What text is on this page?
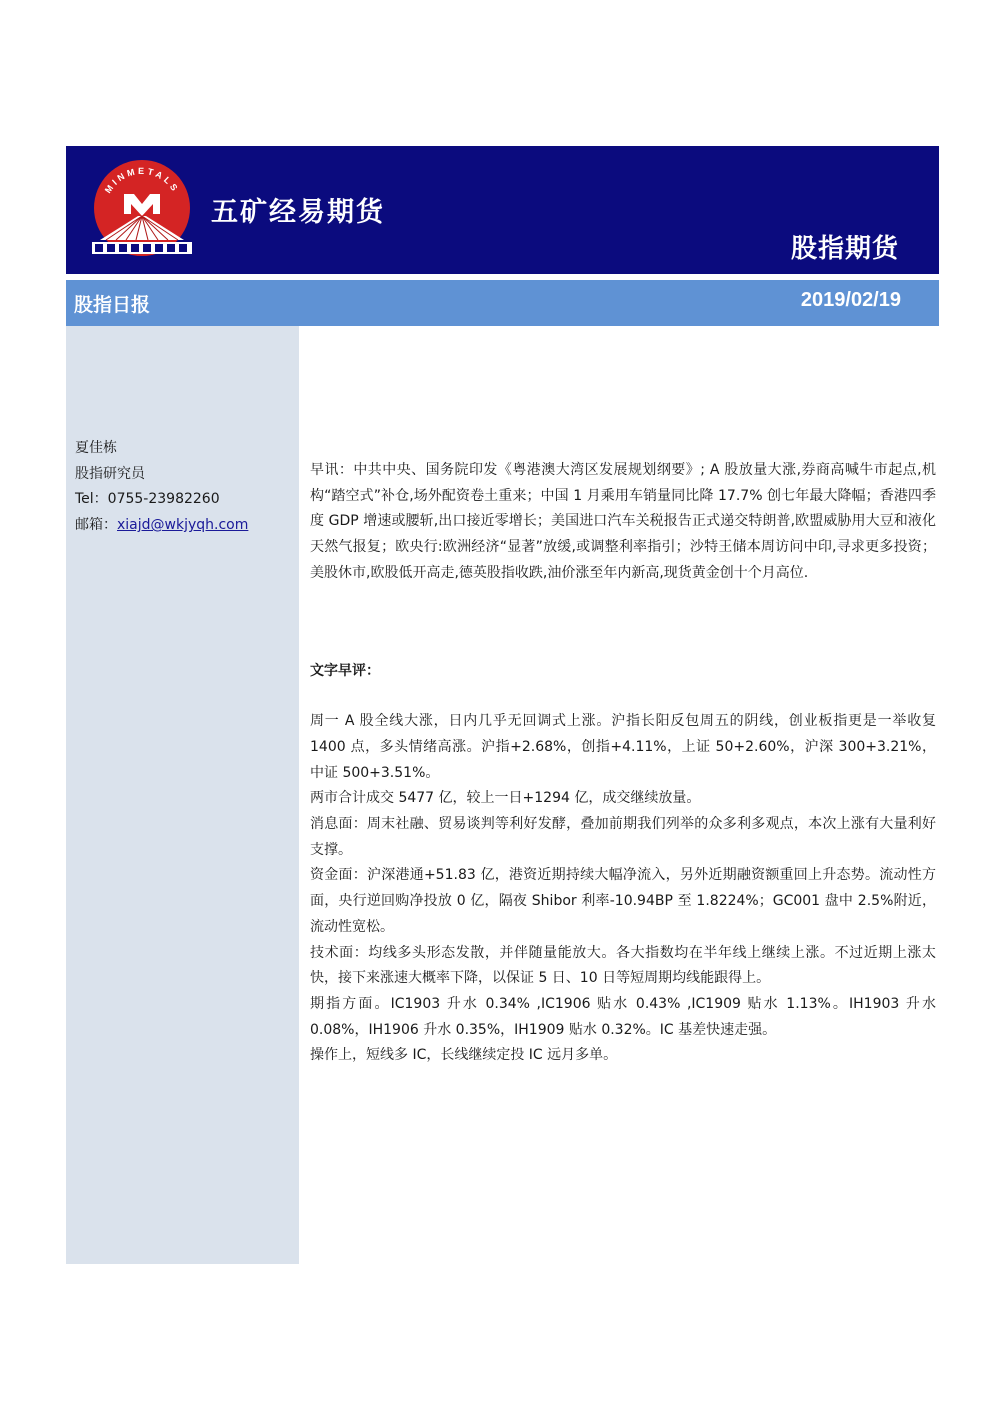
MINMETALS
五矿经易期货
股指期货
股指日报	2019/02/19
夏佳栋
股指研究员
Tel：0755-23982260
邮箱：xiajd@wkjyqh.com

早讯：中共中央、国务院印发《粤港澳大湾区发展规划纲要》; A 股放量大涨,券商高喊牛市起点,机构“踏空式”补仓,场外配资卷土重来；中国 1 月乘用车销量同比降 17.7% 创七年最大降幅；香港四季度 GDP 增速或腰斩,出口接近零增长；美国进口汽车关税报告正式递交特朗普,欧盟威胁用大豆和液化天然气报复；欧央行:欧洲经济“显著”放缓,或调整利率指引；沙特王储本周访问中印,寻求更多投资；美股休市,欧股低开高走,德英股指收跌,油价涨至年内新高,现货黄金创十个月高位.

文字早评：

周一 A 股全线大涨，日内几乎无回调式上涨。沪指长阳反包周五的阴线，创业板指更是一举收复 1400 点，多头情绪高涨。沪指+2.68%，创指+4.11%，上证 50+2.60%，沪深 300+3.21%，中证 500+3.51%。

两市合计成交 5477 亿，较上一日+1294 亿，成交继续放量。

消息面：周末社融、贸易谈判等利好发酵，叠加前期我们列举的众多利多观点，本次上涨有大量利好支撑。

资金面：沪深港通+51.83 亿，港资近期持续大幅净流入，另外近期融资额重回上升态势。流动性方面，央行逆回购净投放 0 亿，隔夜 Shibor 利率-10.94BP 至 1.8224%；GC001 盘中 2.5%附近，流动性宽松。

技术面：均线多头形态发散，并伴随量能放大。各大指数均在半年线上继续上涨。不过近期上涨太快，接下来涨速大概率下降，以保证 5 日、10 日等短周期均线能跟得上。

期指方面。IC1903 升水 0.34% ,IC1906 贴水 0.43% ,IC1909 贴水 1.13%。IH1903 升水 0.08%，IH1906 升水 0.35%，IH1909 贴水 0.32%。IC 基差快速走强。

操作上，短线多 IC，长线继续定投 IC 远月多单。
